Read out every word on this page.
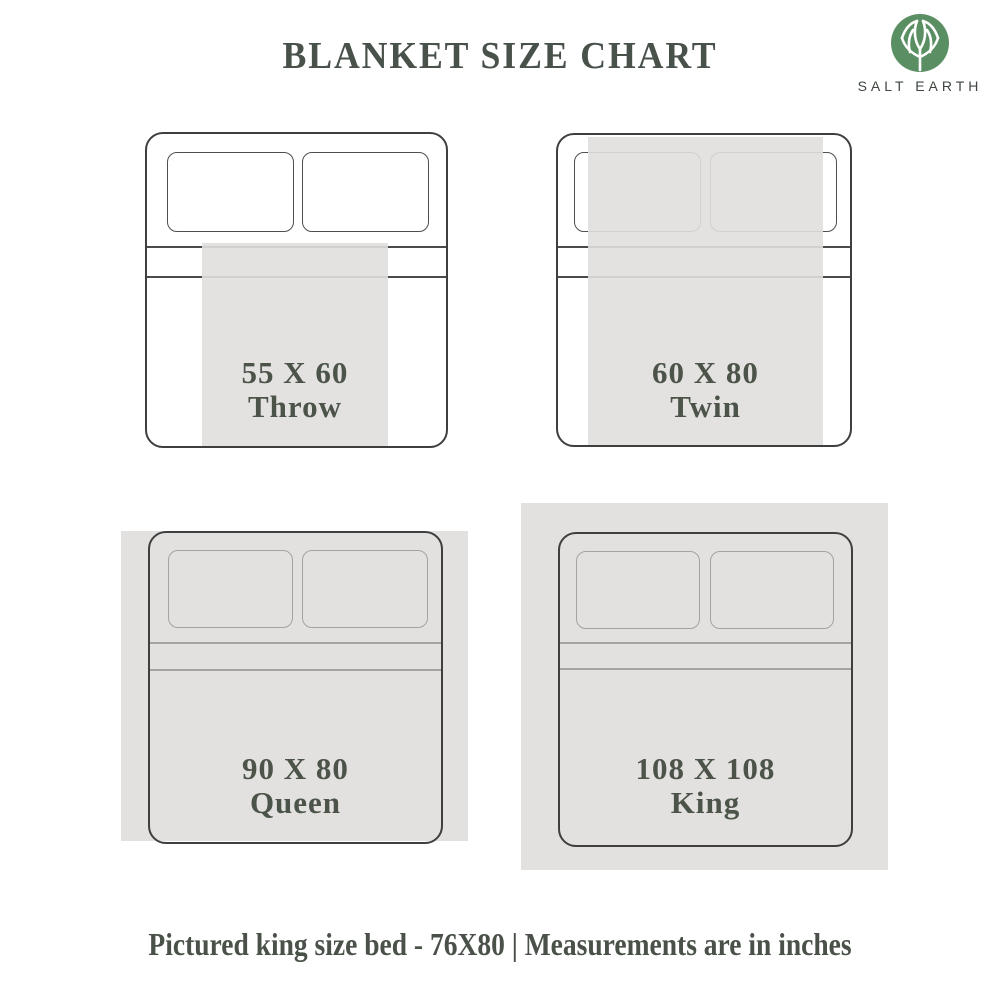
BLANKET SIZE CHART
SALT EARTH
55 X 60
Throw
60 X 80
Twin
90 X 80
Queen
108 X 108
King
Pictured king size bed - 76X80 | Measurements are in inches
